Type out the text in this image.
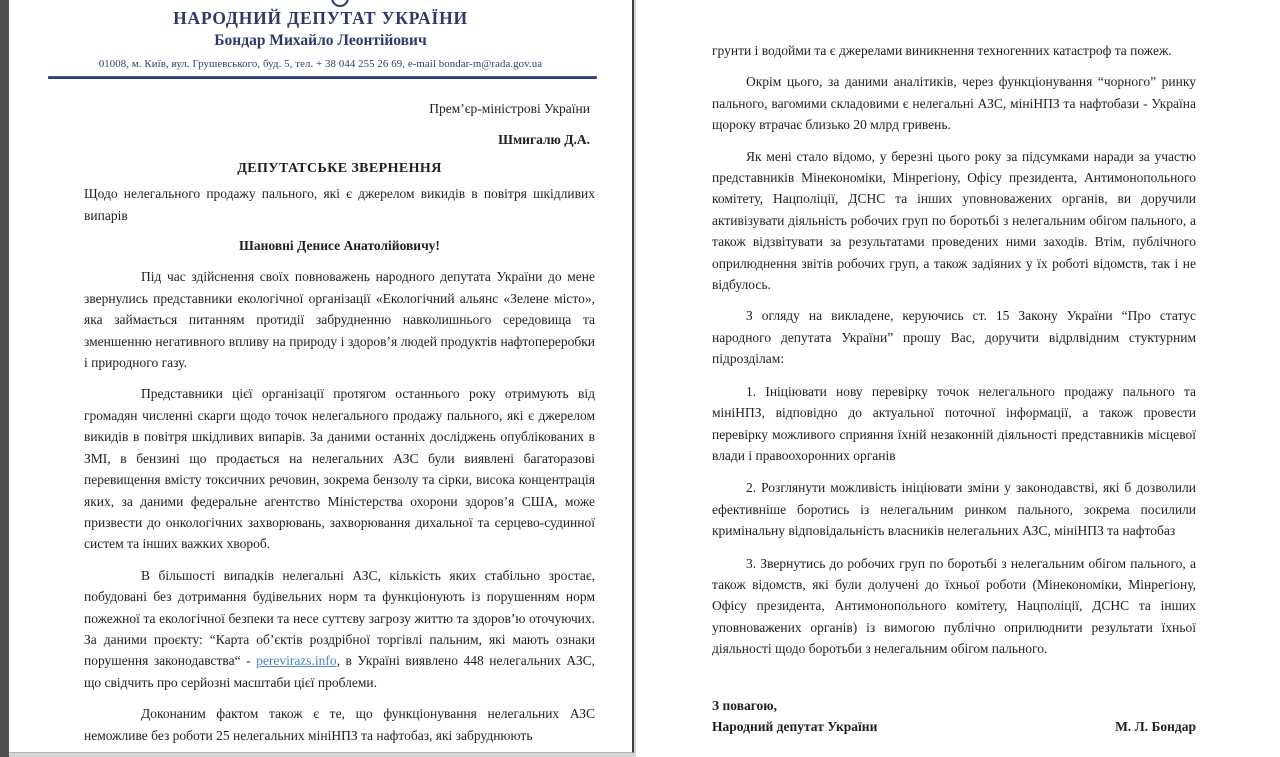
НАРОДНИЙ ДЕПУТАТ УКРАЇНИ
Бондар Михайло Леонтійович
01008, м. Київ, вул. Грушевського, буд. 5, тел. + 38 044 255 26 69, e-mail bondar-m@rada.gov.ua
Прем’єр-міністрові України
Шмигалю Д.А.
ДЕПУТАТСЬКЕ ЗВЕРНЕННЯ
Щодо нелегального продажу пального, які є джерелом викидів в повітря шкідливих випарів
Шановні Денисе Анатолійовичу!

Під час здійснення своїх повноважень народного депутата України до мене звернулись представники екологічної організації «Екологічний альянс «Зелене місто», яка займається питанням протидії забрудненню навколишнього середовища та зменшенню негативного впливу на природу і здоров’я людей продуктів нафтопереробки і природного газу.

Представники цієї організації протягом останнього року отримують від громадян численні скарги щодо точок нелегального продажу пального, які є джерелом викидів в повітря шкідливих випарів. За даними останніх досліджень опублікованих в ЗМІ, в бензині що продається на нелегальних АЗС були виявлені багаторазові перевищення вмісту токсичних речовин, зокрема бензолу та сірки, висока концентрація яких, за даними федеральне агентство Міністерства охорони здоров’я США, може призвести до онкологічних захворювань, захворювання дихальної та серцево-судинної систем та інших важких хвороб.

В більшості випадків нелегальні АЗС, кількість яких стабільно зростає, побудовані без дотримання будівельних норм та функціонують із порушенням норм пожежної та екологічної безпеки та несе суттєву загрозу життю та здоров’ю оточуючих. За даними проєкту: “Карта об’єктів роздрібної торгівлі пальним, які мають ознаки порушення законодавства“ - perevirazs.info, в Україні виявлено 448 нелегальних АЗС, що свідчить про серйозні масштаби цієї проблеми.

Доконаним фактом також є те, що функціонування нелегальних АЗС неможливе без роботи 25 нелегальних мініНПЗ та нафтобаз, які забруднюють

грунти і водойми та є джерелами виникнення техногенних катастроф та пожеж.

Окрім цього, за даними аналітиків, через функціонування “чорного” ринку пального, вагомими складовими є нелегальні АЗС, мініНПЗ та нафтобази - Україна щороку втрачає близько 20 млрд гривень.

Як мені стало відомо, у березні цього року за підсумками наради за участю представників Мінекономіки, Мінрегіону, Офісу президента, Антимонопольного комітету, Нацполіції, ДСНС та інших уповноважених органів, ви доручили активізувати діяльність робочих груп по боротьбі з нелегальним обігом пального, а також відзвітувати за результатами проведених ними заходів. Втім, публічного оприлюднення звітів робочих груп, а також задіяних у їх роботі відомств, так і не відбулось.

З огляду на викладене, керуючись ст. 15 Закону України “Про статус народного депутата України” прошу Вас, доручити відрлвідним стуктурним підрозділам:

1. Ініціювати нову перевірку точок нелегального продажу пального та мініНПЗ, відповідно до актуальної поточної інформації, а також провести перевірку можливого сприяння їхній незаконній діяльності представників місцевої влади і правоохоронних органів

2. Розглянути можливість ініціювати зміни у законодавстві, які б дозволили ефективніше боротись із нелегальним ринком пального, зокрема посилили кримінальну відповідальність власників нелегальних АЗС, мініНПЗ та нафтобаз

3. Звернутись до робочих груп по боротьбі з нелегальним обігом пального, а також відомств, які були долучені до їхньої роботи (Мінекономіки, Мінрегіону, Офісу президента, Антимонопольного комітету, Нацполіції, ДСНС та інших уповноважених органів) із вимогою публічно оприлюднити результати їхньої діяльності щодо боротьби з нелегальним обігом пального.

З повагою,
Народний депутат України	М. Л. Бондар
